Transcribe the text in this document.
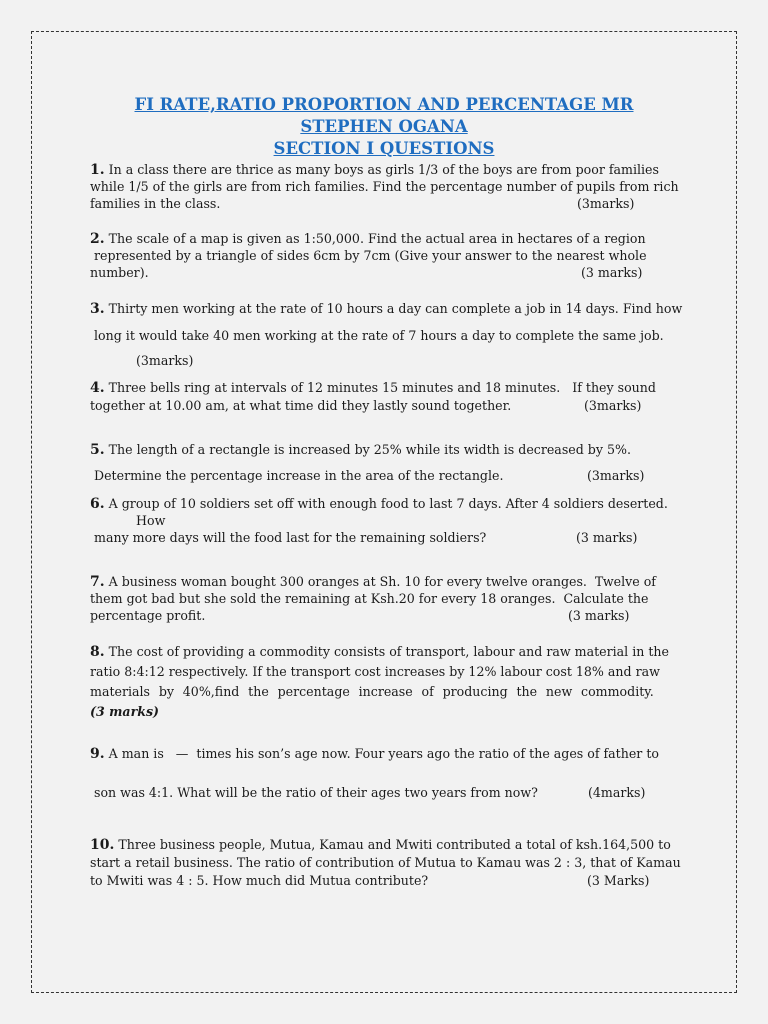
FI RATE,RATIO PROPORTION AND PERCENTAGE MR
STEPHEN OGANA
SECTION I QUESTIONS
1. In a class there are thrice as many boys as girls 1/3 of the boys are from poor families
while 1/5 of the girls are from rich families. Find the percentage number of pupils from rich
families in the class.	(3marks)
2. The scale of a map is given as 1:50,000. Find the actual area in hectares of a region
represented by a triangle of sides 6cm by 7cm (Give your answer to the nearest whole
number).	(3 marks)
3. Thirty men working at the rate of 10 hours a day can complete a job in 14 days. Find how
long it would take 40 men working at the rate of 7 hours a day to complete the same job.
(3marks)
4. Three bells ring at intervals of 12 minutes 15 minutes and 18 minutes.   If they sound
together at 10.00 am, at what time did they lastly sound together.	(3marks)
5. The length of a rectangle is increased by 25% while its width is decreased by 5%.
Determine the percentage increase in the area of the rectangle.	(3marks)
6. A group of 10 soldiers set off with enough food to last 7 days. After 4 soldiers deserted.
How
many more days will the food last for the remaining soldiers?	(3 marks)
7. A business woman bought 300 oranges at Sh. 10 for every twelve oranges.  Twelve of
them got bad but she sold the remaining at Ksh.20 for every 18 oranges.  Calculate the
percentage profit.	(3 marks)
8. The cost of providing a commodity consists of transport, labour and raw material in the
ratio 8:4:12 respectively. If the transport cost increases by 12% labour cost 18% and raw
materials by 40%,find the percentage increase of producing the new commodity.
(3 marks)
9. A man is   —  times his son’s age now. Four years ago the ratio of the ages of father to
son was 4:1. What will be the ratio of their ages two years from now?	(4marks)
10. Three business people, Mutua, Kamau and Mwiti contributed a total of ksh.164,500 to
start a retail business. The ratio of contribution of Mutua to Kamau was 2 : 3, that of Kamau
to Mwiti was 4 : 5. How much did Mutua contribute?	(3 Marks)
